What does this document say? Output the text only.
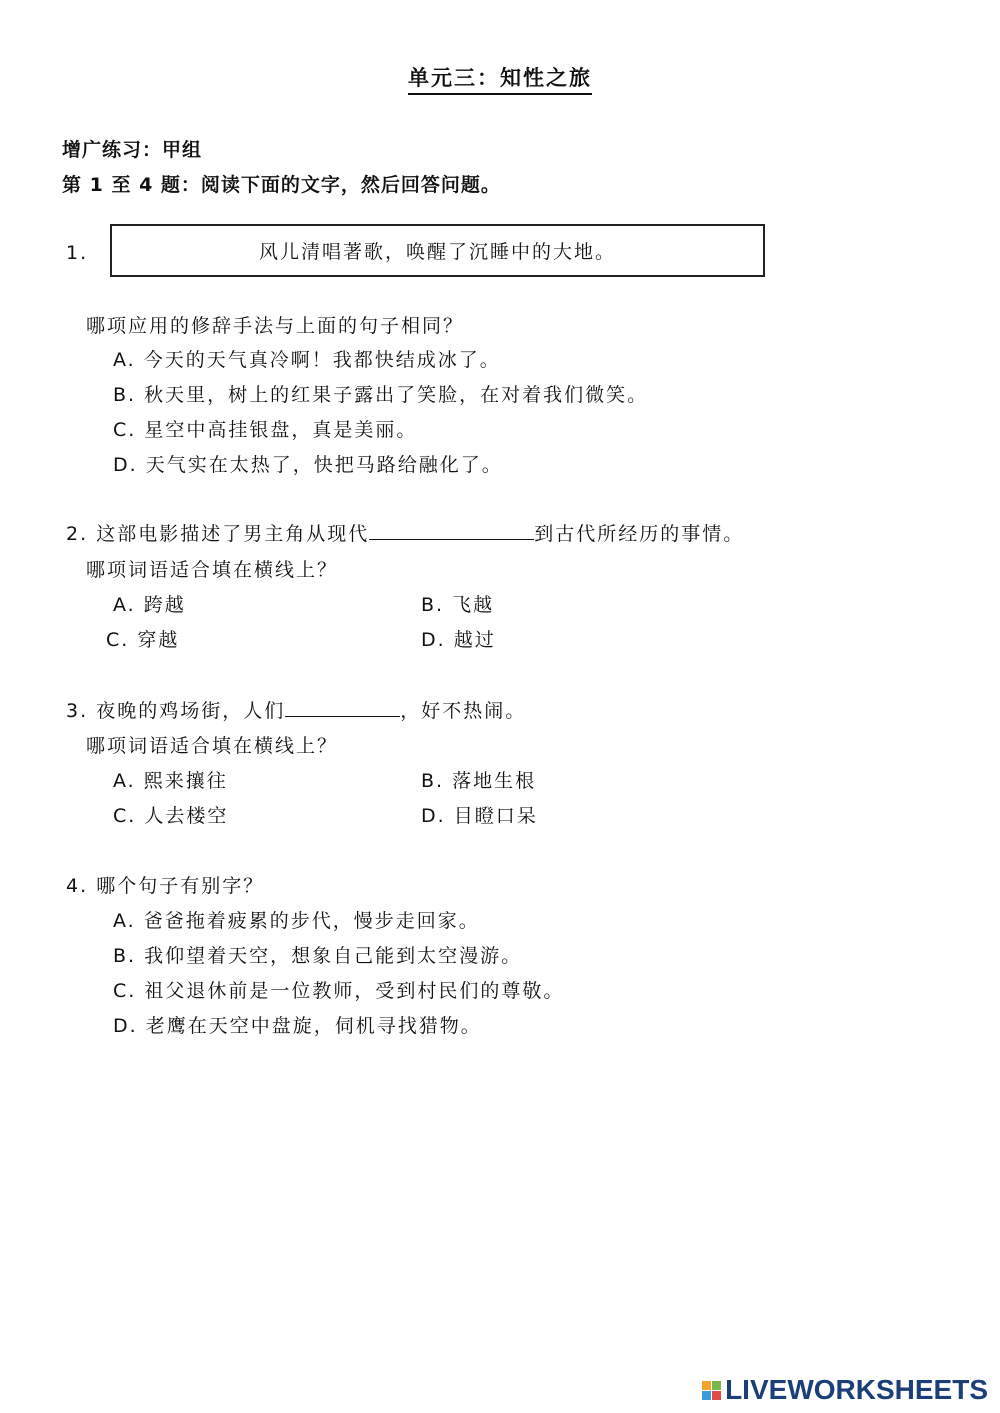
单元三：知性之旅
增广练习：甲组
第 1 至 4 题：阅读下面的文字，然后回答问题。
1.	风儿清唱著歌，唤醒了沉睡中的大地。
哪项应用的修辞手法与上面的句子相同？
A. 今天的天气真冷啊！我都快结成冰了。
B. 秋天里，树上的红果子露出了笑脸，在对着我们微笑。
C. 星空中高挂银盘，真是美丽。
D. 天气实在太热了，快把马路给融化了。
2. 这部电影描述了男主角从现代	到古代所经历的事情。
哪项词语适合填在横线上？
A. 跨越	B. 飞越
C. 穿越	D. 越过
3. 夜晚的鸡场街，人们	，好不热闹。
哪项词语适合填在横线上？
A. 熙来攘往	B. 落地生根
C. 人去楼空	D. 目瞪口呆
4. 哪个句子有别字？
A. 爸爸拖着疲累的步代，慢步走回家。
B. 我仰望着天空，想象自己能到太空漫游。
C. 祖父退休前是一位教师，受到村民们的尊敬。
D. 老鹰在天空中盘旋，伺机寻找猎物。
LIVEWORKSHEETS
